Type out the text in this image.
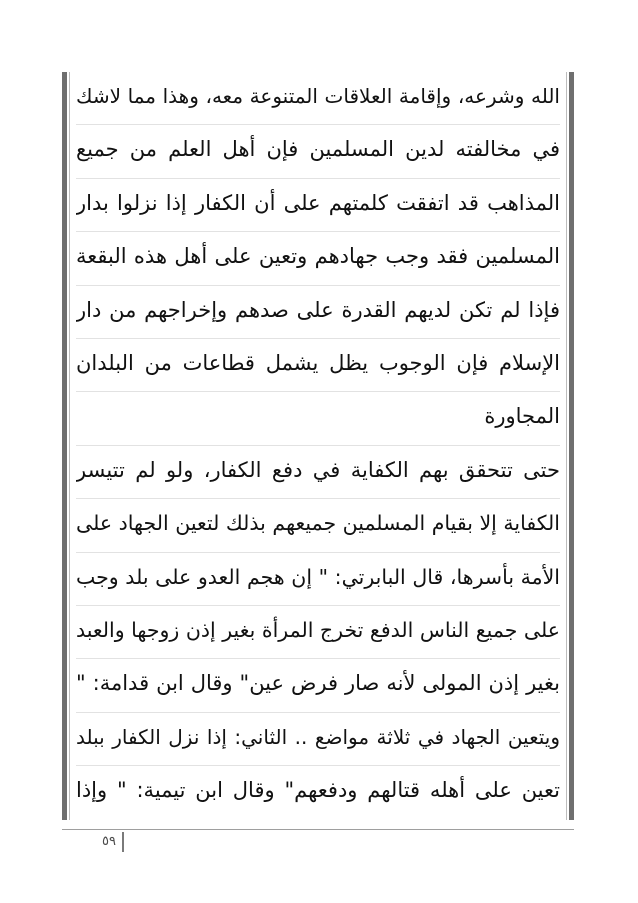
الله وشرعه، وإقامة العلاقات المتنوعة معه، وهذا مما لاشك
في مخالفته لدين المسلمين فإن أهل العلم من جميع
المذاهب قد اتفقت كلمتهم على أن الكفار إذا نزلوا بدار
المسلمين فقد وجب جهادهم وتعين على أهل هذه البقعة
فإذا لم تكن لديهم القدرة على صدهم وإخراجهم من دار
الإسلام فإن الوجوب يظل يشمل قطاعات من البلدان
المجاورة
حتى تتحقق بهم الكفاية في دفع الكفار، ولو لم تتيسر
الكفاية إلا بقيام المسلمين جميعهم بذلك لتعين الجهاد على
الأمة بأسرها، قال البابرتي: " إن هجم العدو على بلد وجب
على جميع الناس الدفع تخرج المرأة بغير إذن زوجها والعبد
بغير إذن المولى لأنه صار فرض عين" وقال ابن قدامة: "
ويتعين الجهاد في ثلاثة مواضع .. الثاني: إذا نزل الكفار ببلد
تعين على أهله قتالهم ودفعهم" وقال ابن تيمية: " وإذا
٥٩
